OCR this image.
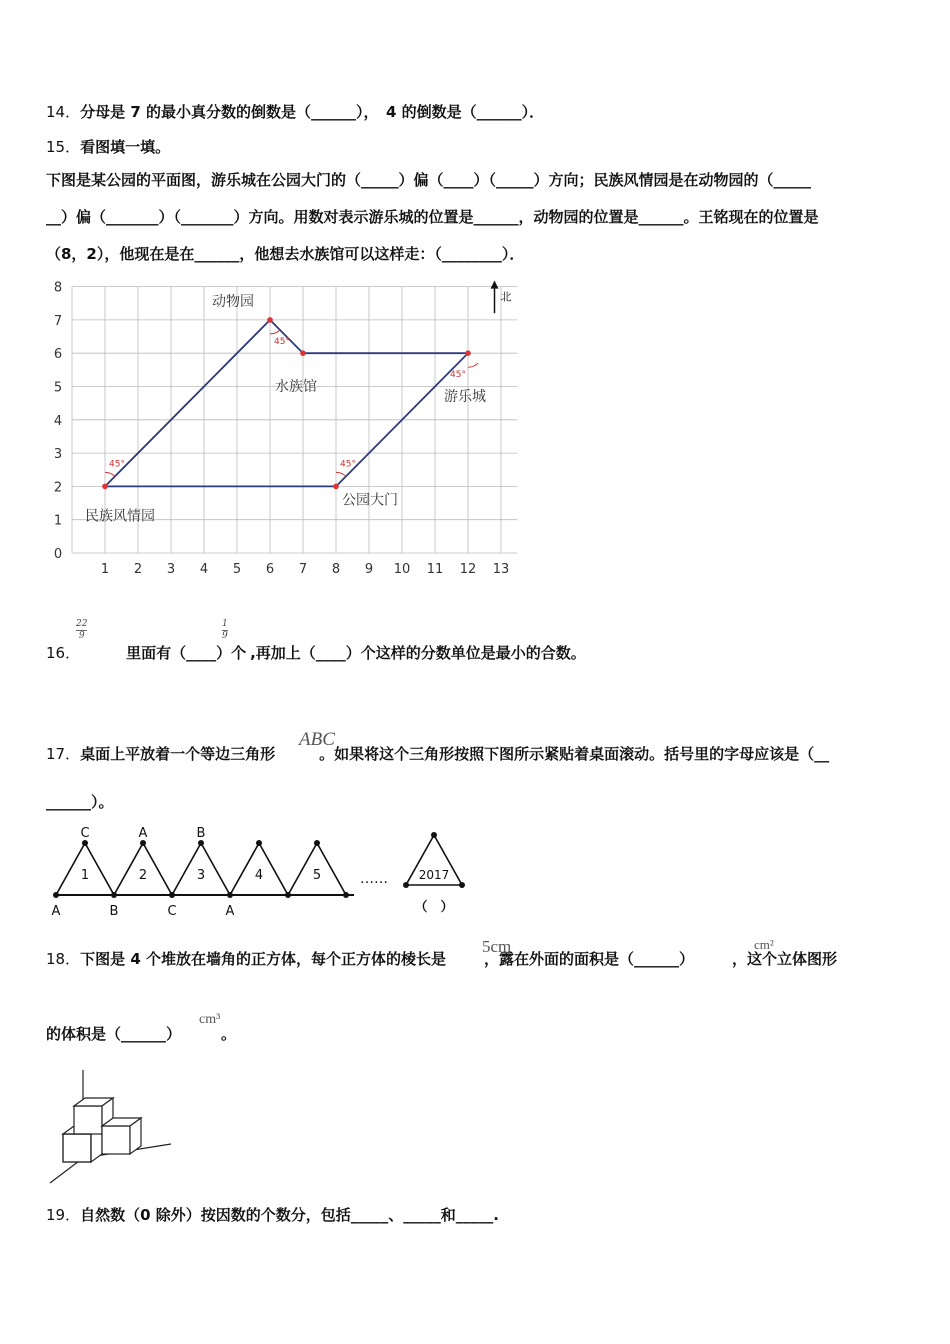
14．分母是 7 的最小真分数的倒数是（______），　4 的倒数是（______）．
15．看图填一填。
下图是某公园的平面图，游乐城在公园大门的（_____）偏（____）（_____）方向；民族风情园是在动物园的（_____
__）偏（_______）（_______）方向。用数对表示游乐城的位置是______，动物园的位置是______。王铭现在的位置是
（8，2），他现在是在______，他想去水族馆可以这样走：（________）．
1 2 3 4 5 6 7 8 9 10 11 12 13
0
1
2
3
4
5
6
7
8
北
45°
45°
45°
45°
动物园
水族馆
游乐城
公园大门
民族风情园
$\frac{22}{9}$	$\frac{1}{9}$
16．	里面有（____）个 ,再加上（____）个这样的分数单位是最小的合数。
ABC
17．桌面上平放着一个等边三角形	。如果将这个三角形按照下图所示紧贴着桌面滚动。括号里的字母应该是（__
______）。
1	2	3	4	5
C	A	B
A	B	C	A
……	2017
（　）
5cm	cm²
18．下图是 4 个堆放在墙角的正方体，每个正方体的棱长是	，露在外面的面积是（______）	，这个立体图形
cm³
的体积是（______）	。
19．自然数（0 除外）按因数的个数分，包括_____、_____和_____.
